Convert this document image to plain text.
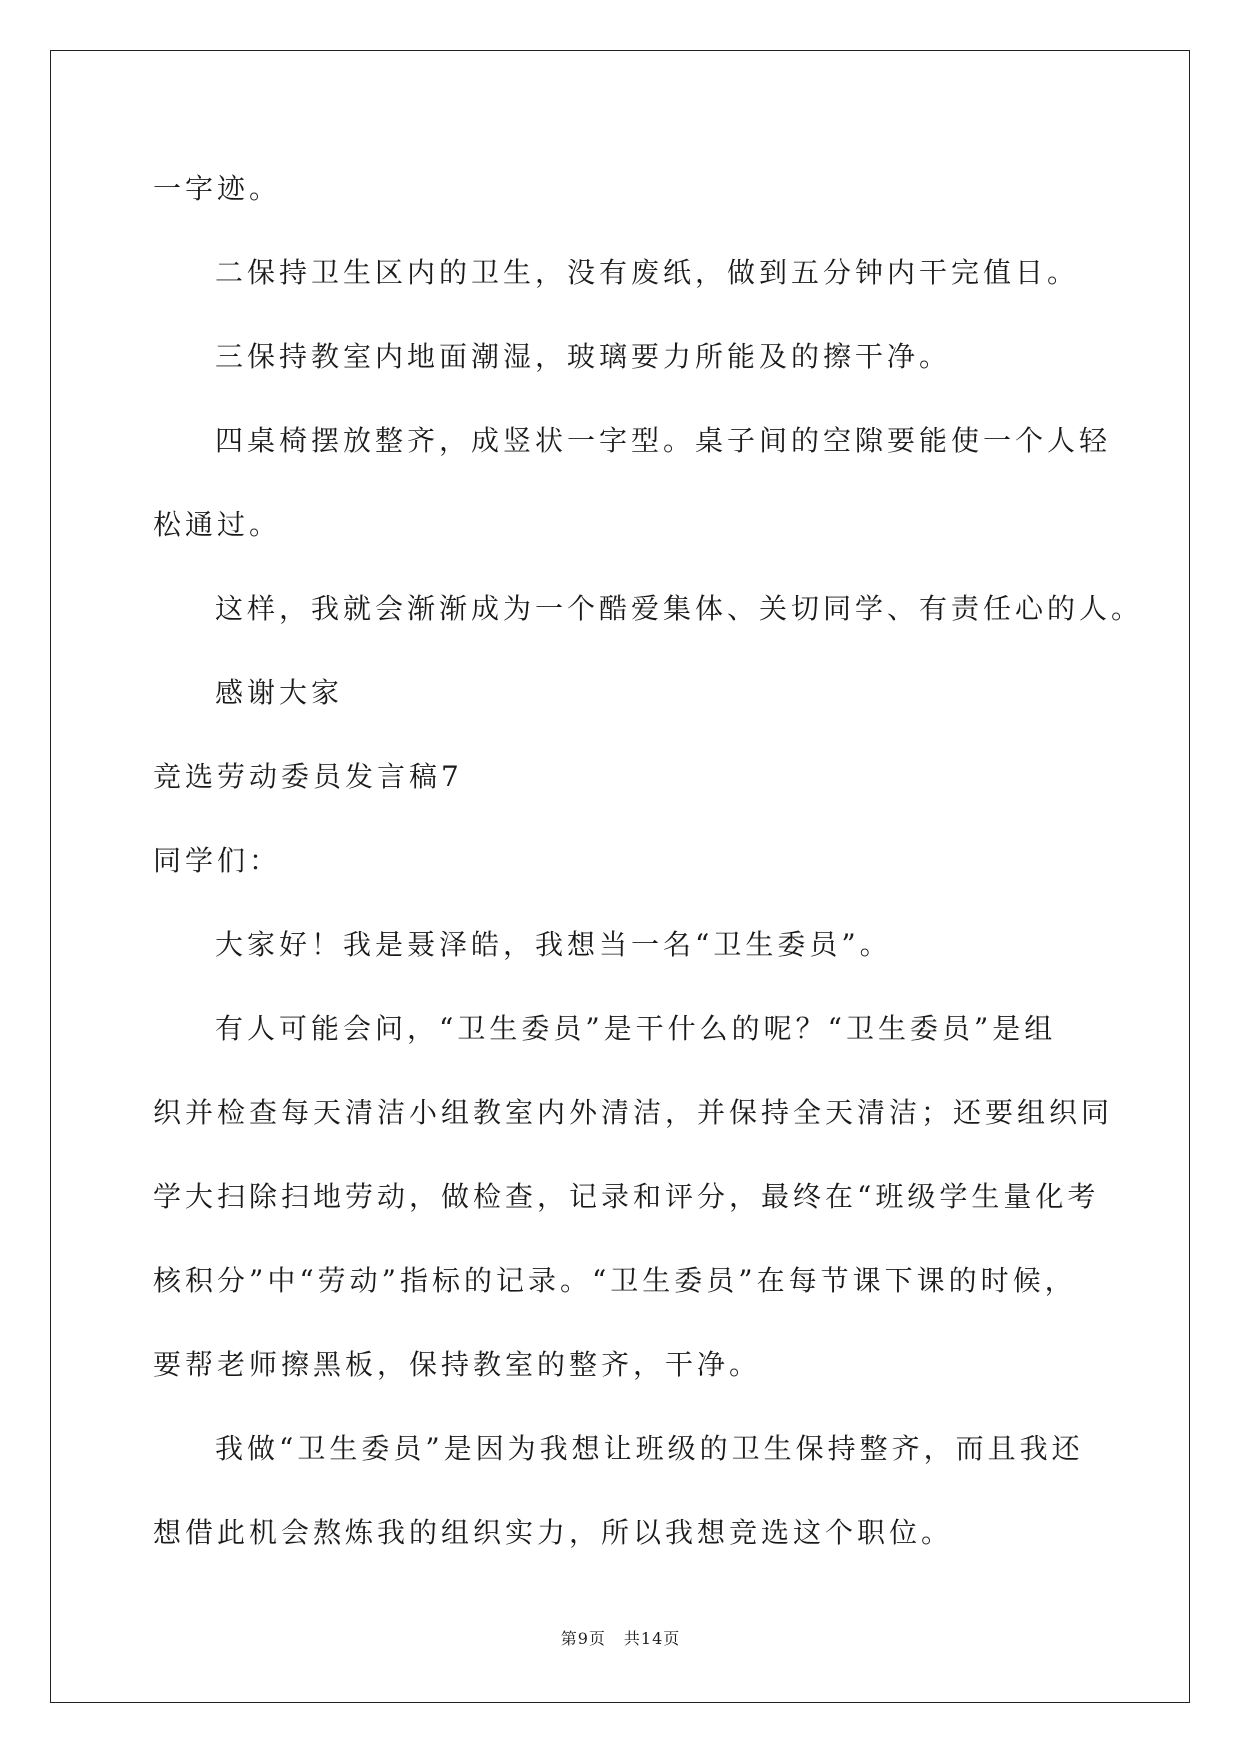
一字迹。
二保持卫生区内的卫生，没有废纸，做到五分钟内干完值日。
三保持教室内地面潮湿，玻璃要力所能及的擦干净。
四桌椅摆放整齐，成竖状一字型。桌子间的空隙要能使一个人轻
松通过。
这样，我就会渐渐成为一个酷爱集体、关切同学、有责任心的人。
感谢大家
竞选劳动委员发言稿7
同学们：
大家好！我是聂泽皓，我想当一名“卫生委员”。
有人可能会问，“卫生委员”是干什么的呢？“卫生委员”是组
织并检查每天清洁小组教室内外清洁，并保持全天清洁；还要组织同
学大扫除扫地劳动，做检查，记录和评分，最终在“班级学生量化考
核积分”中“劳动”指标的记录。“卫生委员”在每节课下课的时候，
要帮老师擦黑板，保持教室的整齐，干净。
我做“卫生委员”是因为我想让班级的卫生保持整齐，而且我还
想借此机会熬炼我的组织实力，所以我想竞选这个职位。
第9页 共14页
